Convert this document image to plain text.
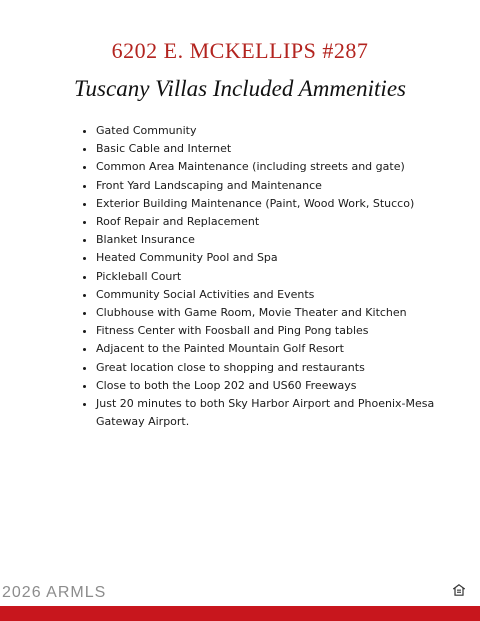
6202 E. MCKELLIPS #287
Tuscany Villas Included Ammenities
• Gated Community
• Basic Cable and Internet
• Common Area Maintenance (including streets and gate)
• Front Yard Landscaping and Maintenance
• Exterior Building Maintenance (Paint, Wood Work, Stucco)
• Roof Repair and Replacement
• Blanket Insurance
• Heated Community Pool and Spa
• Pickleball Court
• Community Social Activities and Events
• Clubhouse with Game Room, Movie Theater and Kitchen
• Fitness Center with Foosball and Ping Pong tables
• Adjacent to the Painted Mountain Golf Resort
• Great location close to shopping and restaurants
• Close to both the Loop 202 and US60 Freeways
• Just 20 minutes to both Sky Harbor Airport and Phoenix-Mesa Gateway Airport.
2026 ARMLS
